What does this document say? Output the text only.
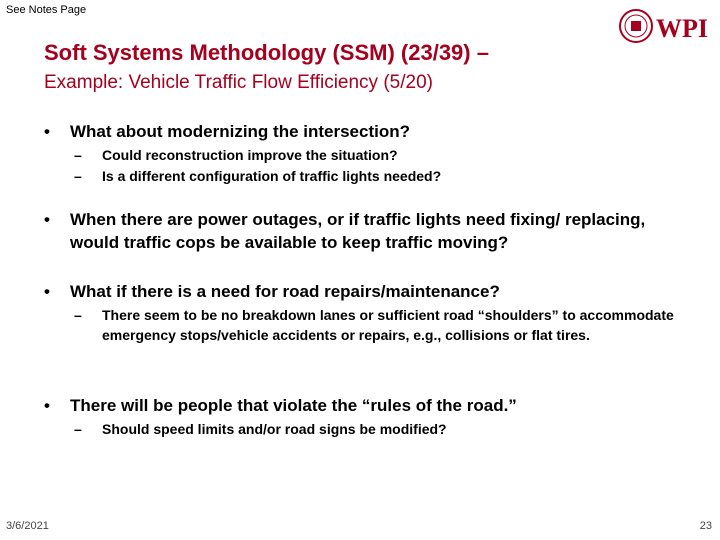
See Notes Page
Soft Systems Methodology (SSM) (23/39) –
Example: Vehicle Traffic Flow Efficiency (5/20)
WPI
•	What about modernizing the intersection?
–	Could reconstruction improve the situation?
–	Is a different configuration of traffic lights needed?
•	When there are power outages, or if traffic lights need fixing/ replacing, would traffic cops be available to keep traffic moving?
•	What if there is a need for road repairs/maintenance?
–	There seem to be no breakdown lanes or sufficient road “shoulders” to accommodate emergency stops/vehicle accidents or repairs, e.g., collisions or flat tires.
•	There will be people that violate the “rules of the road.”
–	Should speed limits and/or road signs be modified?
3/6/2021	23
